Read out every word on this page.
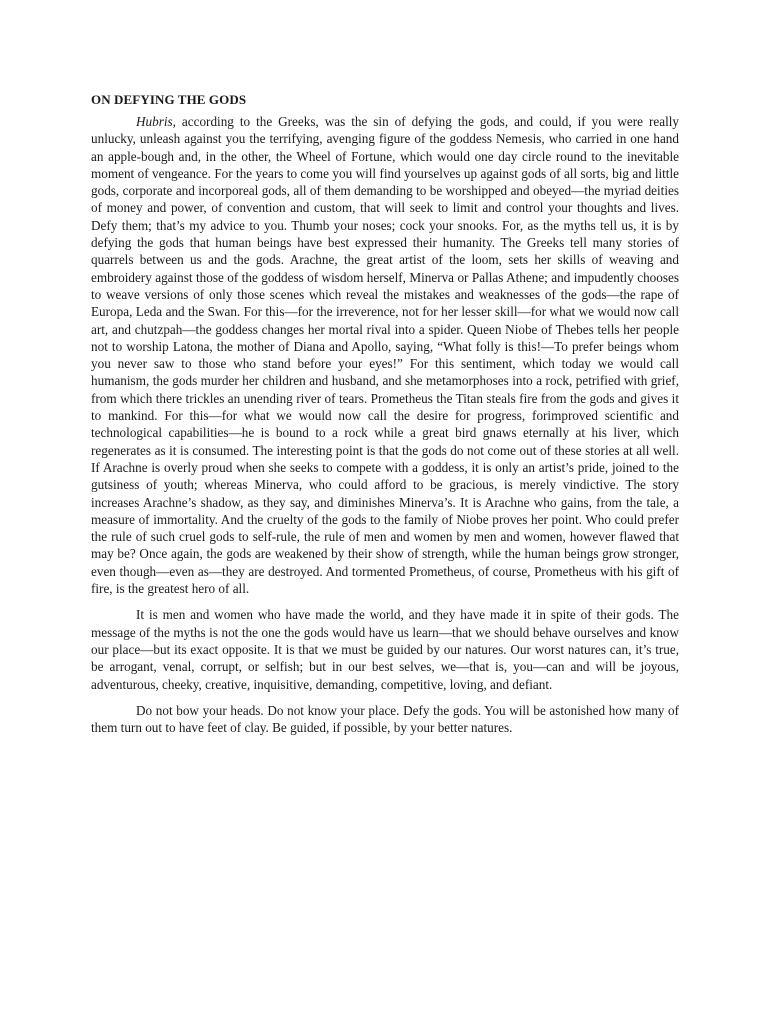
ON DEFYING THE GODS

Hubris, according to the Greeks, was the sin of defying the gods, and could, if you were really unlucky, unleash against you the terrifying, avenging figure of the goddess Nemesis, who carried in one hand an apple-bough and, in the other, the Wheel of Fortune, which would one day circle round to the inevitable moment of vengeance. For the years to come you will find yourselves up against gods of all sorts, big and little gods, corporate and incorporeal gods, all of them demanding to be worshipped and obeyed—the myriad deities of money and power, of convention and custom, that will seek to limit and control your thoughts and lives. Defy them; that’s my advice to you. Thumb your noses; cock your snooks. For, as the myths tell us, it is by defying the gods that human beings have best expressed their humanity. The Greeks tell many stories of quarrels between us and the gods. Arachne, the great artist of the loom, sets her skills of weaving and embroidery against those of the goddess of wisdom herself, Minerva or Pallas Athene; and impudently chooses to weave versions of only those scenes which reveal the mistakes and weaknesses of the gods—the rape of Europa, Leda and the Swan. For this—for the irreverence, not for her lesser skill—for what we would now call art, and chutzpah—the goddess changes her mortal rival into a spider. Queen Niobe of Thebes tells her people not to worship Latona, the mother of Diana and Apollo, saying, “What folly is this!—To prefer beings whom you never saw to those who stand before your eyes!” For this sentiment, which today we would call humanism, the gods murder her children and husband, and she metamorphoses into a rock, petrified with grief, from which there trickles an unending river of tears. Prometheus the Titan steals fire from the gods and gives it to mankind. For this—for what we would now call the desire for progress, forimproved scientific and technological capabilities—he is bound to a rock while a great bird gnaws eternally at his liver, which regenerates as it is consumed. The interesting point is that the gods do not come out of these stories at all well. If Arachne is overly proud when she seeks to compete with a goddess, it is only an artist’s pride, joined to the gutsiness of youth; whereas Minerva, who could afford to be gracious, is merely vindictive. The story increases Arachne’s shadow, as they say, and diminishes Minerva’s. It is Arachne who gains, from the tale, a measure of immortality. And the cruelty of the gods to the family of Niobe proves her point. Who could prefer the rule of such cruel gods to self-rule, the rule of men and women by men and women, however flawed that may be? Once again, the gods are weakened by their show of strength, while the human beings grow stronger, even though—even as—they are destroyed. And tormented Prometheus, of course, Prometheus with his gift of fire, is the greatest hero of all.

It is men and women who have made the world, and they have made it in spite of their gods. The message of the myths is not the one the gods would have us learn—that we should behave ourselves and know our place—but its exact opposite. It is that we must be guided by our natures. Our worst natures can, it’s true, be arrogant, venal, corrupt, or selfish; but in our best selves, we—that is, you—can and will be joyous, adventurous, cheeky, creative, inquisitive, demanding, competitive, loving, and defiant.

Do not bow your heads. Do not know your place. Defy the gods. You will be astonished how many of them turn out to have feet of clay. Be guided, if possible, by your better natures.
